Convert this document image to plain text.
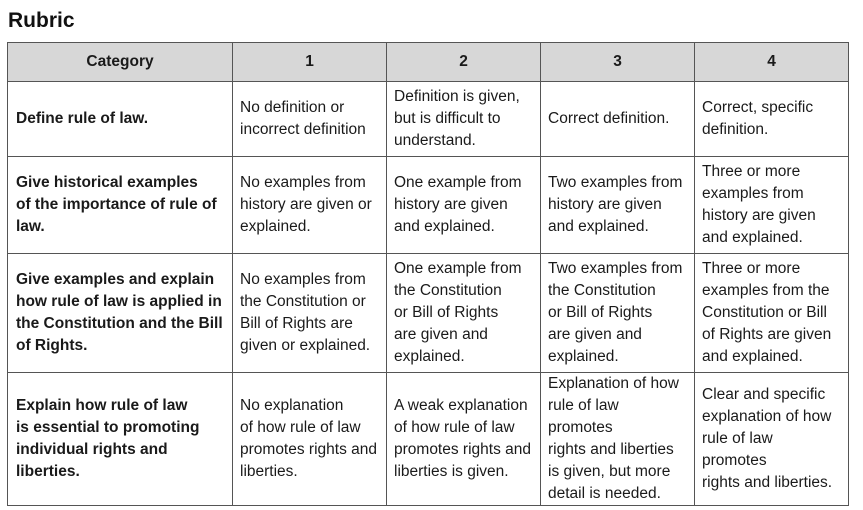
Rubric
Category	1	2	3	4

Define rule of law.	No definition or
incorrect definition	Definition is given,
but is difficult to
understand.	Correct definition.	Correct, specific
definition.

Give historical examples
of the importance of rule of
law.	No examples from
history are given or
explained.	One example from
history are given
and explained.	Two examples from
history are given
and explained.	Three or more
examples from
history are given
and explained.

Give examples and explain
how rule of law is applied in
the Constitution and the Bill
of Rights.	No examples from
the Constitution or
Bill of Rights are
given or explained.	One example from
the Constitution
or Bill of Rights
are given and
explained.	Two examples from
the Constitution
or Bill of Rights
are given and
explained.	Three or more
examples from the
Constitution or Bill
of Rights are given
and explained.

Explain how rule of law
is essential to promoting
individual rights and
liberties.	No explanation
of how rule of law
promotes rights and
liberties.	A weak explanation
of how rule of law
promotes rights and
liberties is given.	Explanation of how
rule of law promotes
rights and liberties
is given, but more
detail is needed.	Clear and specific
explanation of how
rule of law promotes
rights and liberties.
